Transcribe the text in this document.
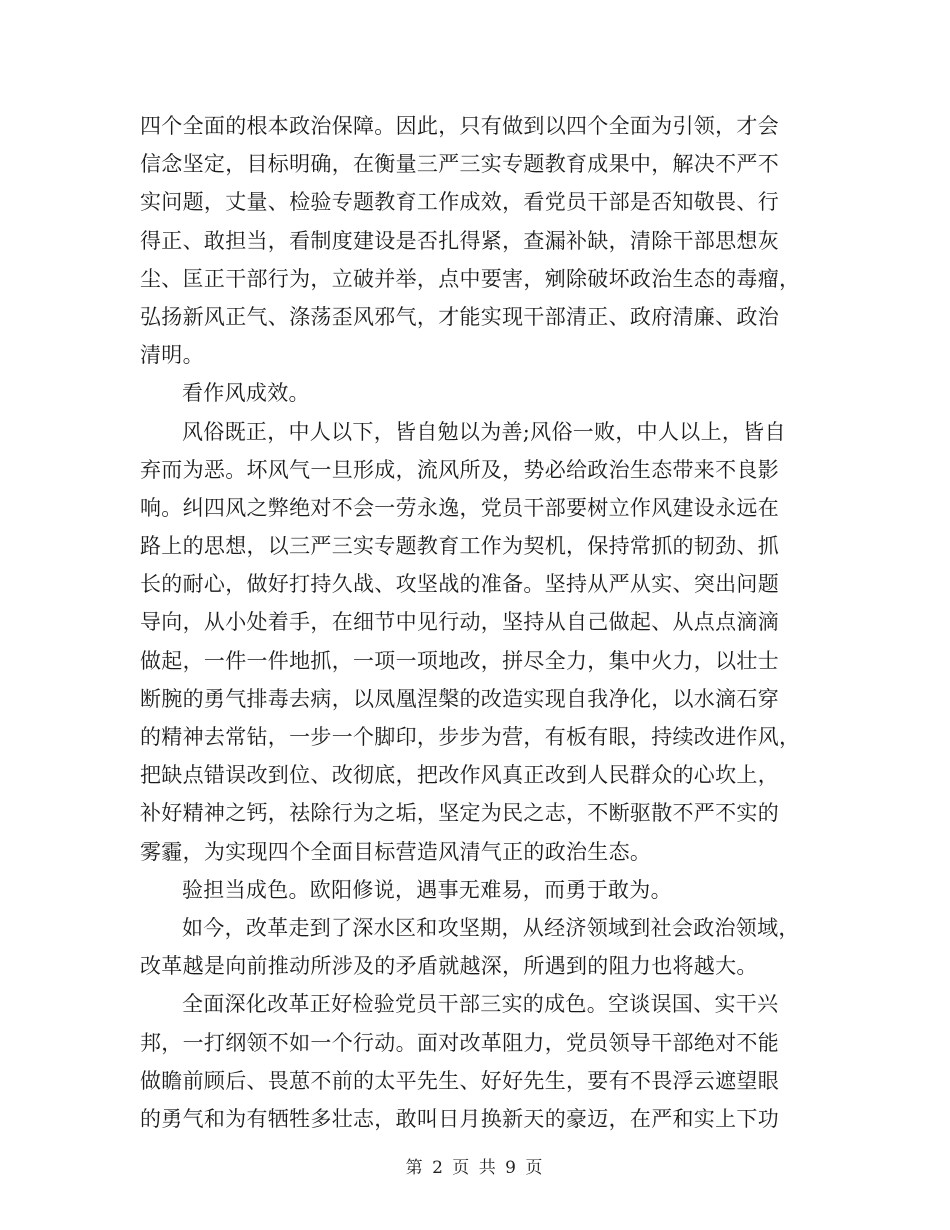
四个全面的根本政治保障。因此，只有做到以四个全面为引领，才会
信念坚定，目标明确，在衡量三严三实专题教育成果中，解决不严不
实问题，丈量、检验专题教育工作成效，看党员干部是否知敬畏、行
得正、敢担当，看制度建设是否扎得紧，查漏补缺，清除干部思想灰
尘、匡正干部行为，立破并举，点中要害，剜除破坏政治生态的毒瘤，
弘扬新风正气、涤荡歪风邪气，才能实现干部清正、政府清廉、政治
清明。
看作风成效。
风俗既正，中人以下，皆自勉以为善;风俗一败，中人以上，皆自
弃而为恶。坏风气一旦形成，流风所及，势必给政治生态带来不良影
响。纠四风之弊绝对不会一劳永逸，党员干部要树立作风建设永远在
路上的思想，以三严三实专题教育工作为契机，保持常抓的韧劲、抓
长的耐心，做好打持久战、攻坚战的准备。坚持从严从实、突出问题
导向，从小处着手，在细节中见行动，坚持从自己做起、从点点滴滴
做起，一件一件地抓，一项一项地改，拼尽全力，集中火力，以壮士
断腕的勇气排毒去病，以凤凰涅槃的改造实现自我净化，以水滴石穿
的精神去常钻，一步一个脚印，步步为营，有板有眼，持续改进作风，
把缺点错误改到位、改彻底，把改作风真正改到人民群众的心坎上，
补好精神之钙，祛除行为之垢，坚定为民之志，不断驱散不严不实的
雾霾，为实现四个全面目标营造风清气正的政治生态。
验担当成色。欧阳修说，遇事无难易，而勇于敢为。
如今，改革走到了深水区和攻坚期，从经济领域到社会政治领域，
改革越是向前推动所涉及的矛盾就越深，所遇到的阻力也将越大。
全面深化改革正好检验党员干部三实的成色。空谈误国、实干兴
邦，一打纲领不如一个行动。面对改革阻力，党员领导干部绝对不能
做瞻前顾后、畏葸不前的太平先生、好好先生，要有不畏浮云遮望眼
的勇气和为有牺牲多壮志，敢叫日月换新天的豪迈，在严和实上下功
第 2 页 共 9 页
